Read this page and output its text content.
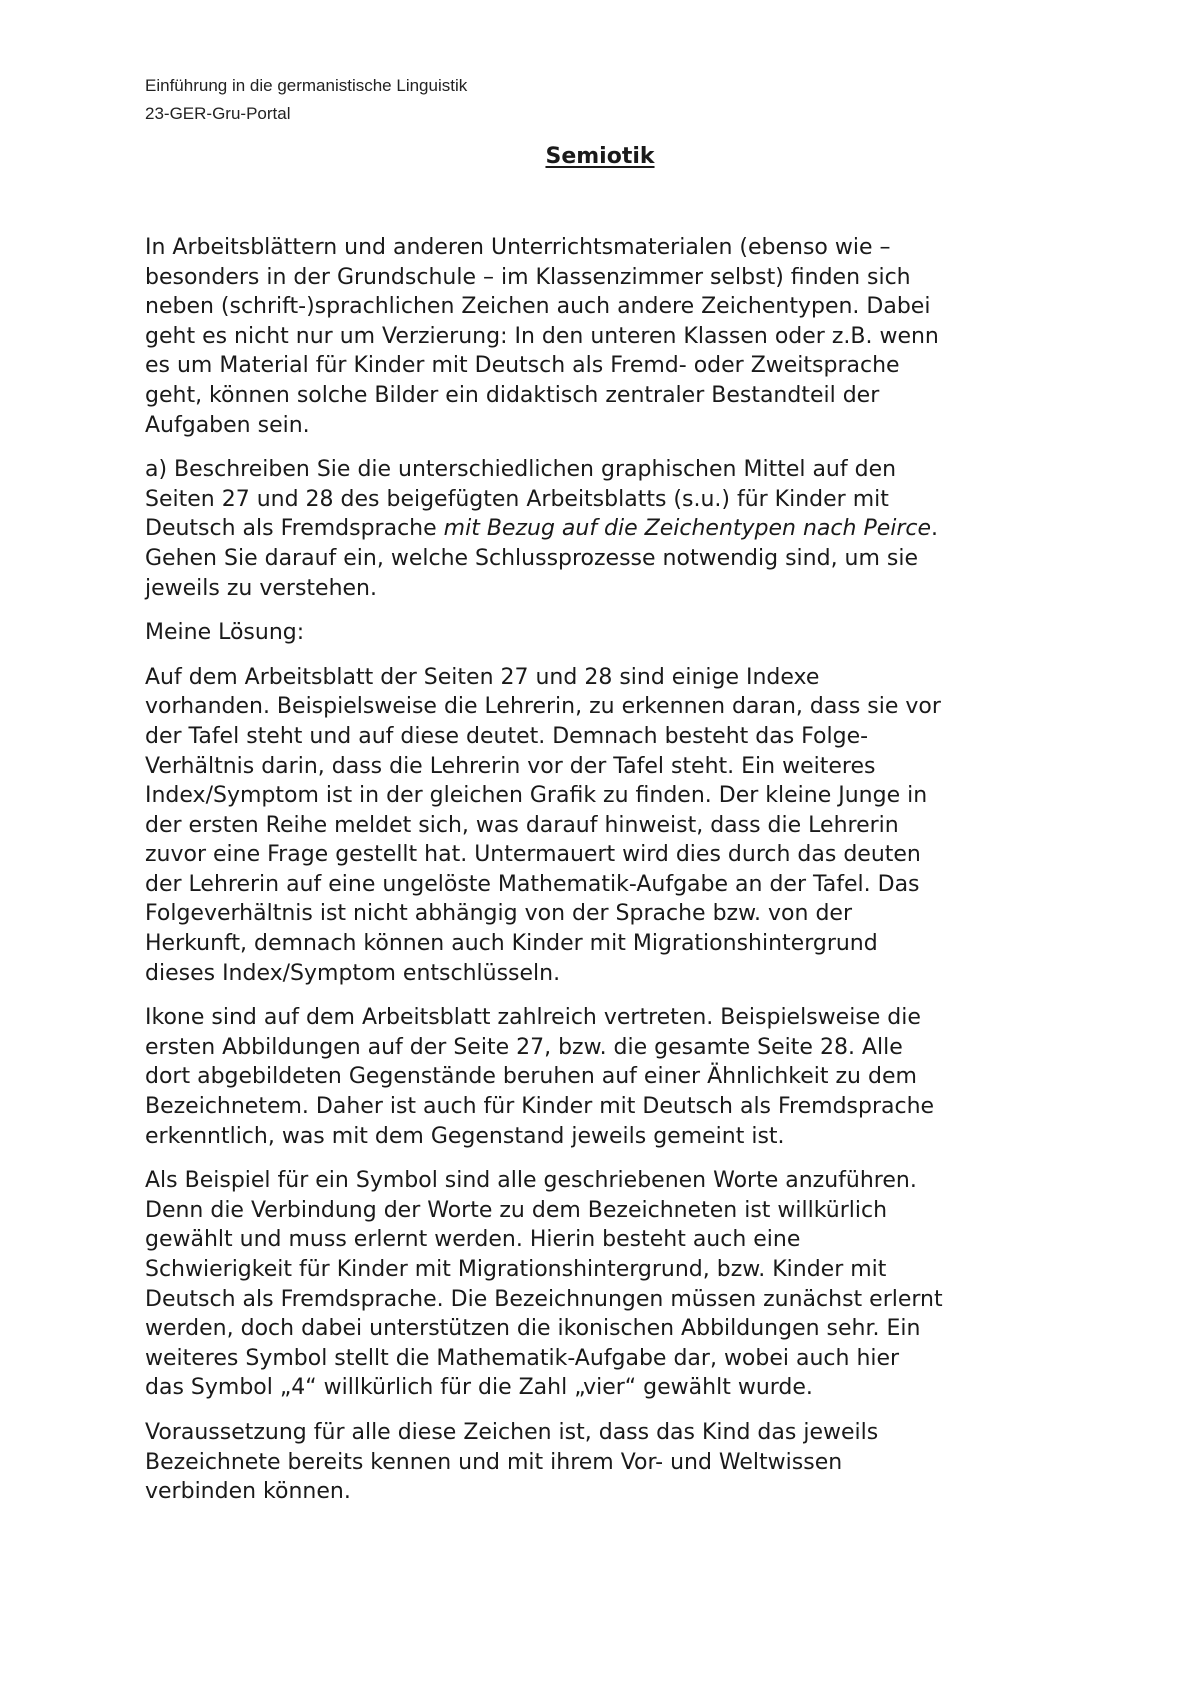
Einführung in die germanistische Linguistik
23-GER-Gru-Portal
Semiotik

In Arbeitsblättern und anderen Unterrichtsmaterialen (ebenso wie –
besonders in der Grundschule – im Klassenzimmer selbst) finden sich
neben (schrift-)sprachlichen Zeichen auch andere Zeichentypen. Dabei
geht es nicht nur um Verzierung: In den unteren Klassen oder z.B. wenn
es um Material für Kinder mit Deutsch als Fremd- oder Zweitsprache
geht, können solche Bilder ein didaktisch zentraler Bestandteil der
Aufgaben sein.

a) Beschreiben Sie die unterschiedlichen graphischen Mittel auf den
Seiten 27 und 28 des beigefügten Arbeitsblatts (s.u.) für Kinder mit
Deutsch als Fremdsprache mit Bezug auf die Zeichentypen nach Peirce.
Gehen Sie darauf ein, welche Schlussprozesse notwendig sind, um sie
jeweils zu verstehen.

Meine Lösung:

Auf dem Arbeitsblatt der Seiten 27 und 28 sind einige Indexe
vorhanden. Beispielsweise die Lehrerin, zu erkennen daran, dass sie vor
der Tafel steht und auf diese deutet. Demnach besteht das Folge-
Verhältnis darin, dass die Lehrerin vor der Tafel steht. Ein weiteres
Index/Symptom ist in der gleichen Grafik zu finden. Der kleine Junge in
der ersten Reihe meldet sich, was darauf hinweist, dass die Lehrerin
zuvor eine Frage gestellt hat. Untermauert wird dies durch das deuten
der Lehrerin auf eine ungelöste Mathematik-Aufgabe an der Tafel. Das
Folgeverhältnis ist nicht abhängig von der Sprache bzw. von der
Herkunft, demnach können auch Kinder mit Migrationshintergrund
dieses Index/Symptom entschlüsseln.

Ikone sind auf dem Arbeitsblatt zahlreich vertreten. Beispielsweise die
ersten Abbildungen auf der Seite 27, bzw. die gesamte Seite 28. Alle
dort abgebildeten Gegenstände beruhen auf einer Ähnlichkeit zu dem
Bezeichnetem. Daher ist auch für Kinder mit Deutsch als Fremdsprache
erkenntlich, was mit dem Gegenstand jeweils gemeint ist.

Als Beispiel für ein Symbol sind alle geschriebenen Worte anzuführen.
Denn die Verbindung der Worte zu dem Bezeichneten ist willkürlich
gewählt und muss erlernt werden. Hierin besteht auch eine
Schwierigkeit für Kinder mit Migrationshintergrund, bzw. Kinder mit
Deutsch als Fremdsprache. Die Bezeichnungen müssen zunächst erlernt
werden, doch dabei unterstützen die ikonischen Abbildungen sehr. Ein
weiteres Symbol stellt die Mathematik-Aufgabe dar, wobei auch hier
das Symbol „4“ willkürlich für die Zahl „vier“ gewählt wurde.

Voraussetzung für alle diese Zeichen ist, dass das Kind das jeweils
Bezeichnete bereits kennen und mit ihrem Vor- und Weltwissen
verbinden können.
